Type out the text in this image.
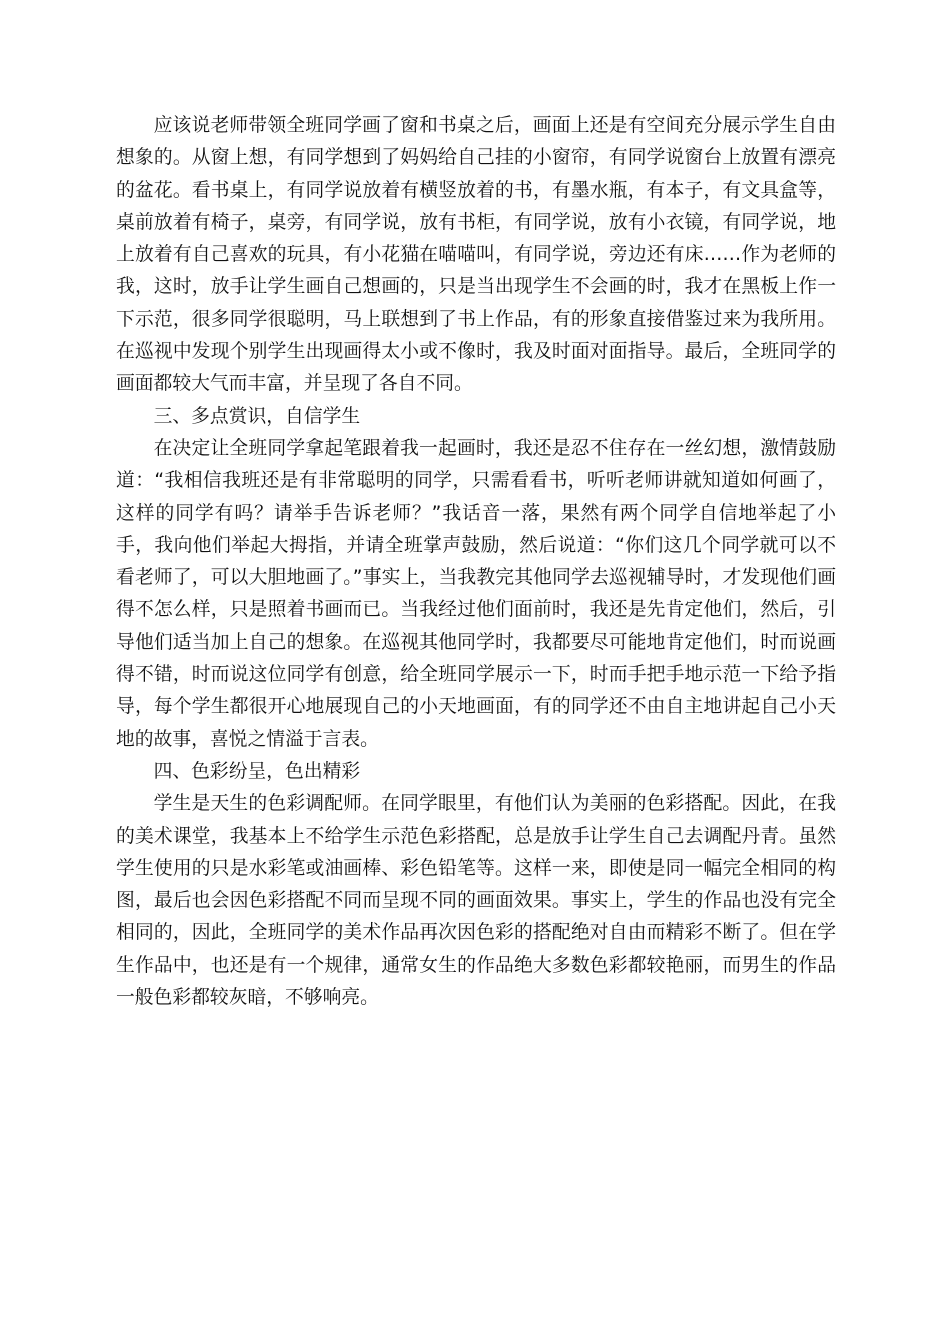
应该说老师带领全班同学画了窗和书桌之后，画面上还是有空间充分展示学生自由想象的。从窗上想，有同学想到了妈妈给自己挂的小窗帘，有同学说窗台上放置有漂亮的盆花。看书桌上，有同学说放着有横竖放着的书，有墨水瓶，有本子，有文具盒等，桌前放着有椅子，桌旁，有同学说，放有书柜，有同学说，放有小衣镜，有同学说，地上放着有自己喜欢的玩具，有小花猫在喵喵叫，有同学说，旁边还有床……作为老师的我，这时，放手让学生画自己想画的，只是当出现学生不会画的时，我才在黑板上作一下示范，很多同学很聪明，马上联想到了书上作品，有的形象直接借鉴过来为我所用。在巡视中发现个别学生出现画得太小或不像时，我及时面对面指导。最后，全班同学的画面都较大气而丰富，并呈现了各自不同。

三、多点赏识，自信学生

在决定让全班同学拿起笔跟着我一起画时，我还是忍不住存在一丝幻想，激情鼓励道：“我相信我班还是有非常聪明的同学，只需看看书，听听老师讲就知道如何画了，这样的同学有吗？请举手告诉老师？”我话音一落，果然有两个同学自信地举起了小手，我向他们举起大拇指，并请全班掌声鼓励，然后说道：“你们这几个同学就可以不看老师了，可以大胆地画了。”事实上，当我教完其他同学去巡视辅导时，才发现他们画得不怎么样，只是照着书画而已。当我经过他们面前时，我还是先肯定他们，然后，引导他们适当加上自己的想象。在巡视其他同学时，我都要尽可能地肯定他们，时而说画得不错，时而说这位同学有创意，给全班同学展示一下，时而手把手地示范一下给予指导，每个学生都很开心地展现自己的小天地画面，有的同学还不由自主地讲起自己小天地的故事，喜悦之情溢于言表。

四、色彩纷呈，色出精彩

学生是天生的色彩调配师。在同学眼里，有他们认为美丽的色彩搭配。因此，在我的美术课堂，我基本上不给学生示范色彩搭配，总是放手让学生自己去调配丹青。虽然学生使用的只是水彩笔或油画棒、彩色铅笔等。这样一来，即使是同一幅完全相同的构图，最后也会因色彩搭配不同而呈现不同的画面效果。事实上，学生的作品也没有完全相同的，因此，全班同学的美术作品再次因色彩的搭配绝对自由而精彩不断了。但在学生作品中，也还是有一个规律，通常女生的作品绝大多数色彩都较艳丽，而男生的作品一般色彩都较灰暗，不够响亮。
